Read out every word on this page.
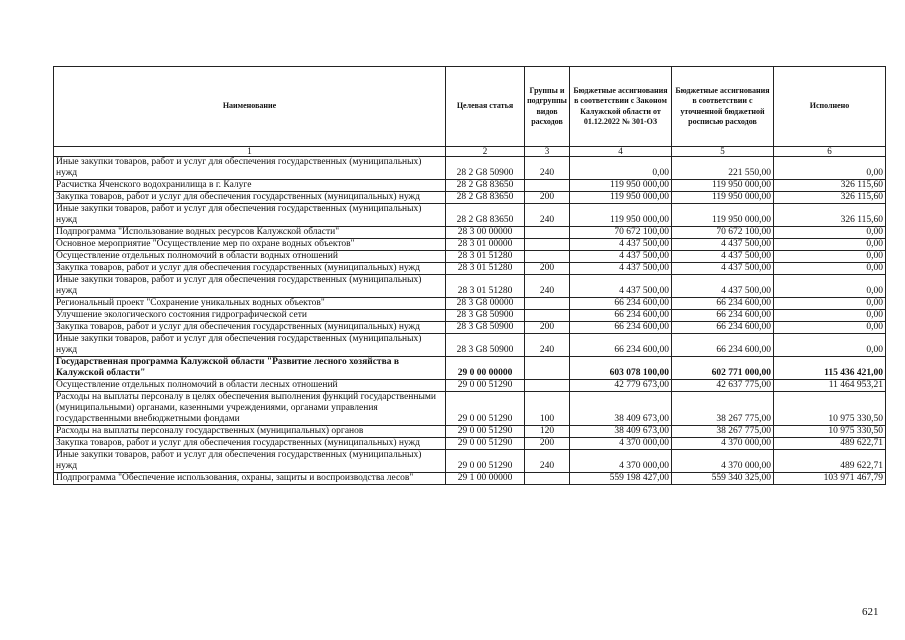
Наименование	Целевая статья	Группы и подгруппы видов расходов	Бюджетные ассигнования в соответствии с Законом Калужской области от 01.12.2022 № 301-ОЗ	Бюджетные ассигнования в соответствии с уточненной бюджетной росписью расходов	Исполнено
1	2	3	4	5	6
Иные закупки товаров, работ и услуг для обеспечения государственных (муниципальных) нужд	28 2 G8 50900	240	0,00	221 550,00	0,00
Расчистка Яченского водохранилища в г. Калуге	28 2 G8 83650		119 950 000,00	119 950 000,00	326 115,60
Закупка товаров, работ и услуг для обеспечения государственных (муниципальных) нужд	28 2 G8 83650	200	119 950 000,00	119 950 000,00	326 115,60
Иные закупки товаров, работ и услуг для обеспечения государственных (муниципальных) нужд	28 2 G8 83650	240	119 950 000,00	119 950 000,00	326 115,60
Подпрограмма "Использование водных ресурсов Калужской области"	28 3 00 00000		70 672 100,00	70 672 100,00	0,00
Основное мероприятие "Осуществление мер по охране водных объектов"	28 3 01 00000		4 437 500,00	4 437 500,00	0,00
Осуществление отдельных полномочий в области водных отношений	28 3 01 51280		4 437 500,00	4 437 500,00	0,00
Закупка товаров, работ и услуг для обеспечения государственных (муниципальных) нужд	28 3 01 51280	200	4 437 500,00	4 437 500,00	0,00
Иные закупки товаров, работ и услуг для обеспечения государственных (муниципальных) нужд	28 3 01 51280	240	4 437 500,00	4 437 500,00	0,00
Региональный проект "Сохранение уникальных водных объектов"	28 3 G8 00000		66 234 600,00	66 234 600,00	0,00
Улучшение экологического состояния гидрографической сети	28 3 G8 50900		66 234 600,00	66 234 600,00	0,00
Закупка товаров, работ и услуг для обеспечения государственных (муниципальных) нужд	28 3 G8 50900	200	66 234 600,00	66 234 600,00	0,00
Иные закупки товаров, работ и услуг для обеспечения государственных (муниципальных) нужд	28 3 G8 50900	240	66 234 600,00	66 234 600,00	0,00
Государственная программа Калужской области "Развитие лесного хозяйства в Калужской области"	29 0 00 00000		603 078 100,00	602 771 000,00	115 436 421,00
Осуществление отдельных полномочий в области лесных отношений	29 0 00 51290		42 779 673,00	42 637 775,00	11 464 953,21
Расходы на выплаты персоналу в целях обеспечения выполнения функций государственными (муниципальными) органами, казенными учреждениями, органами управления государственными внебюджетными фондами	29 0 00 51290	100	38 409 673,00	38 267 775,00	10 975 330,50
Расходы на выплаты персоналу государственных (муниципальных) органов	29 0 00 51290	120	38 409 673,00	38 267 775,00	10 975 330,50
Закупка товаров, работ и услуг для обеспечения государственных (муниципальных) нужд	29 0 00 51290	200	4 370 000,00	4 370 000,00	489 622,71
Иные закупки товаров, работ и услуг для обеспечения государственных (муниципальных) нужд	29 0 00 51290	240	4 370 000,00	4 370 000,00	489 622,71
Подпрограмма "Обеспечение использования, охраны, защиты и воспроизводства лесов"	29 1 00 00000		559 198 427,00	559 340 325,00	103 971 467,79
621
